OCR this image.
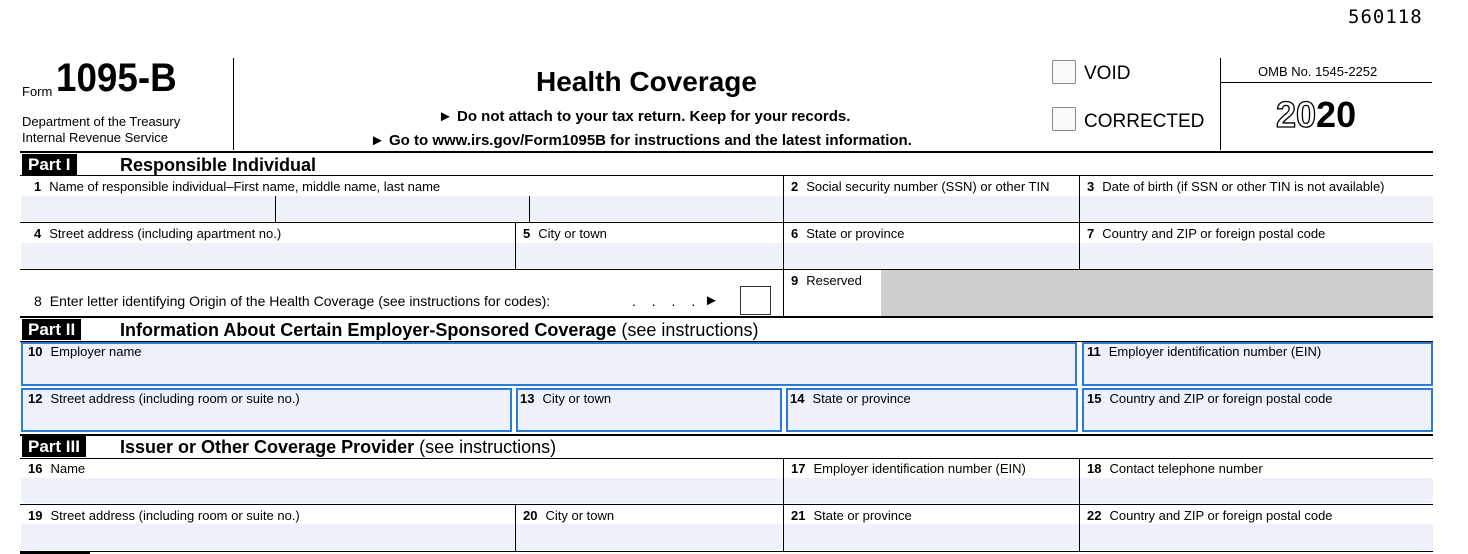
560118
Form 1095-B
Department of the Treasury
Internal Revenue Service
Health Coverage
► Do not attach to your tax return. Keep for your records.
► Go to www.irs.gov/Form1095B for instructions and the latest information.
VOID
CORRECTED
OMB No. 1545-2252
2020
Part I	Responsible Individual
1 Name of responsible individual–First name, middle name, last name	2 Social security number (SSN) or other TIN	3 Date of birth (if SSN or other TIN is not available)
4 Street address (including apartment no.)	5 City or town	6 State or province	7 Country and ZIP or foreign postal code
8 Enter letter identifying Origin of the Health Coverage (see instructions for codes):	. . . . ►
9 Reserved
Part II	Information About Certain Employer-Sponsored Coverage (see instructions)
10 Employer name	11 Employer identification number (EIN)
12 Street address (including room or suite no.)	13 City or town	14 State or province	15 Country and ZIP or foreign postal code
Part III	Issuer or Other Coverage Provider (see instructions)
16 Name	17 Employer identification number (EIN)	18 Contact telephone number
19 Street address (including room or suite no.)	20 City or town	21 State or province	22 Country and ZIP or foreign postal code
